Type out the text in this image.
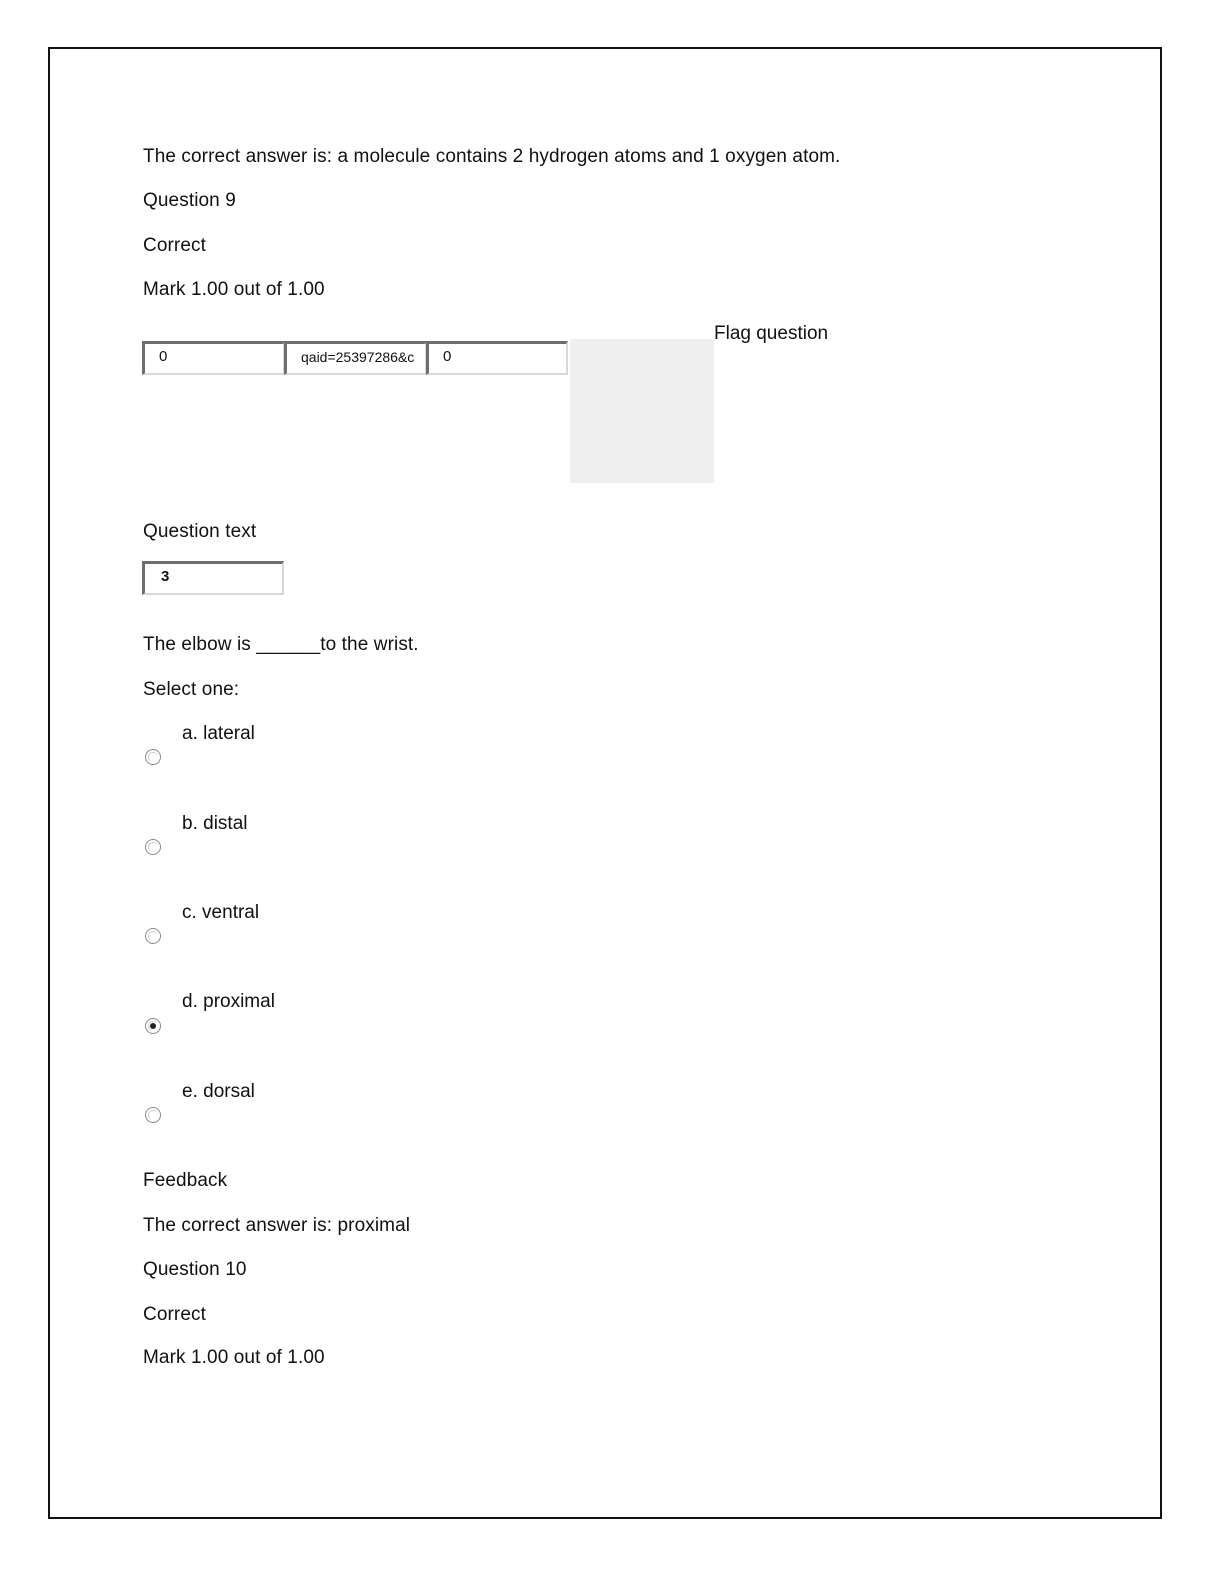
The correct answer is: a molecule contains 2 hydrogen atoms and 1 oxygen atom.
Question 9
Correct
Mark 1.00 out of 1.00
0	qaid=25397286&c	0
Flag question
Question text
3
The elbow is ______to the wrist.
Select one:
a. lateral
b. distal
c. ventral
d. proximal
e. dorsal
Feedback
The correct answer is: proximal
Question 10
Correct
Mark 1.00 out of 1.00
